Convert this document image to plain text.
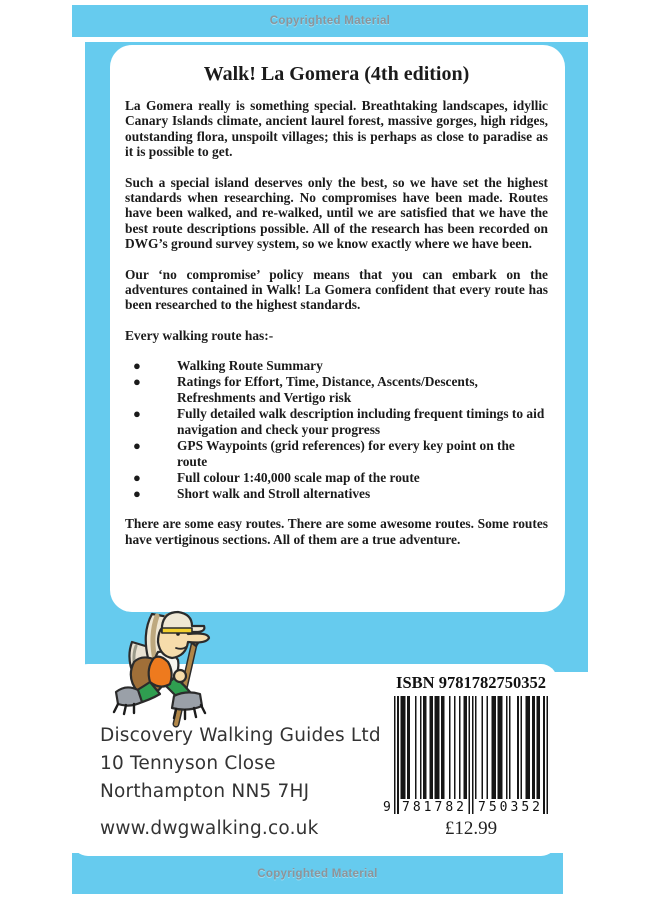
Copyrighted Material
Walk! La Gomera (4th edition)

La Gomera really is something special. Breathtaking landscapes, idyllic Canary Islands climate, ancient laurel forest, massive gorges, high ridges, outstanding flora, unspoilt villages; this is perhaps as close to paradise as it is possible to get.

Such a special island deserves only the best, so we have set the highest standards when researching. No compromises have been made. Routes have been walked, and re-walked, until we are satisfied that we have the best route descriptions possible. All of the research has been recorded on DWG’s ground survey system, so we know exactly where we have been.

Our ‘no compromise’ policy means that you can embark on the adventures contained in Walk! La Gomera confident that every route has been researched to the highest standards.

Every walking route has:-

●	Walking Route Summary
●	Ratings for Effort, Time, Distance, Ascents/Descents, Refreshments and Vertigo risk
●	Fully detailed walk description including frequent timings to aid navigation and check your progress
●	GPS Waypoints (grid references) for every key point on the route
●	Full colour 1:40,000 scale map of the route
●	Short walk and Stroll alternatives

There are some easy routes. There are some awesome routes. Some routes have vertiginous sections. All of them are a true adventure.

Discovery Walking Guides Ltd
10 Tennyson Close
Northampton NN5 7HJ
www.dwgwalking.co.uk
ISBN 9781782750352
9 781782 750352
£12.99
Copyrighted Material
